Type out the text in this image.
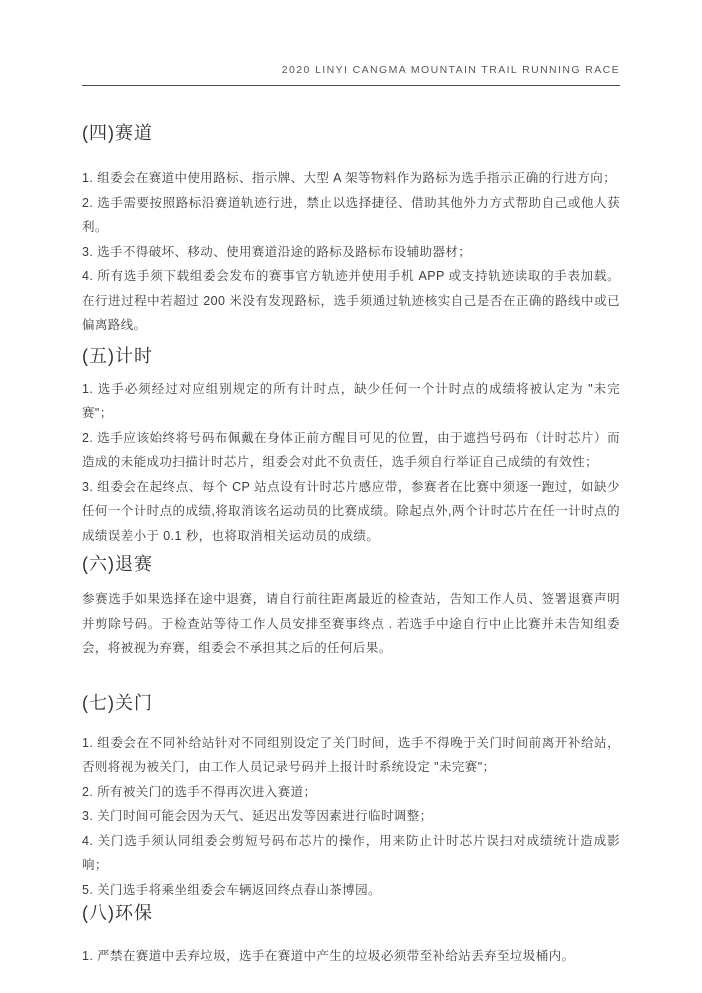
2020 LINYI CANGMA MOUNTAIN TRAIL RUNNING RACE
(四)赛道

1. 组委会在赛道中使用路标、指示牌、大型 A 架等物料作为路标为选手指示正确的行进方向；

2. 选手需要按照路标沿赛道轨迹行进，禁止以选择捷径、借助其他外力方式帮助自己或他人获利。

3. 选手不得破坏、移动、使用赛道沿途的路标及路标布设辅助器材；

4. 所有选手须下载组委会发布的赛事官方轨迹并使用手机 APP 或支持轨迹读取的手表加载。在行进过程中若超过 200 米没有发现路标，选手须通过轨迹核实自己是否在正确的路线中或已偏离路线。

(五)计时

1. 选手必须经过对应组别规定的所有计时点，缺少任何一个计时点的成绩将被认定为 "未完赛"；

2. 选手应该始终将号码布佩戴在身体正前方醒目可见的位置，由于遮挡号码布（计时芯片）而造成的未能成功扫描计时芯片，组委会对此不负责任，选手须自行举证自己成绩的有效性；

3. 组委会在起终点、每个 CP 站点设有计时芯片感应带，参赛者在比赛中须逐一跑过，如缺少任何一个计时点的成绩,将取消该名运动员的比赛成绩。除起点外,两个计时芯片在任一计时点的成绩误差小于 0.1 秒，也将取消相关运动员的成绩。

(六)退赛

参赛选手如果选择在途中退赛，请自行前往距离最近的检查站，告知工作人员、签署退赛声明并剪除号码。于检查站等待工作人员安排至赛事终点 . 若选手中途自行中止比赛并未告知组委会，将被视为弃赛，组委会不承担其之后的任何后果。

(七)关门

1. 组委会在不同补给站针对不同组别设定了关门时间，选手不得晚于关门时间前离开补给站，否则将视为被关门，由工作人员记录号码并上报计时系统设定 "未完赛"；

2. 所有被关门的选手不得再次进入赛道；

3. 关门时间可能会因为天气、延迟出发等因素进行临时调整；

4. 关门选手须认同组委会剪短号码布芯片的操作，用来防止计时芯片误扫对成绩统计造成影响；

5. 关门选手将乘坐组委会车辆返回终点春山茶博园。

(八)环保

1. 严禁在赛道中丢弃垃圾，选手在赛道中产生的垃圾必须带至补给站丢弃至垃圾桶内。
